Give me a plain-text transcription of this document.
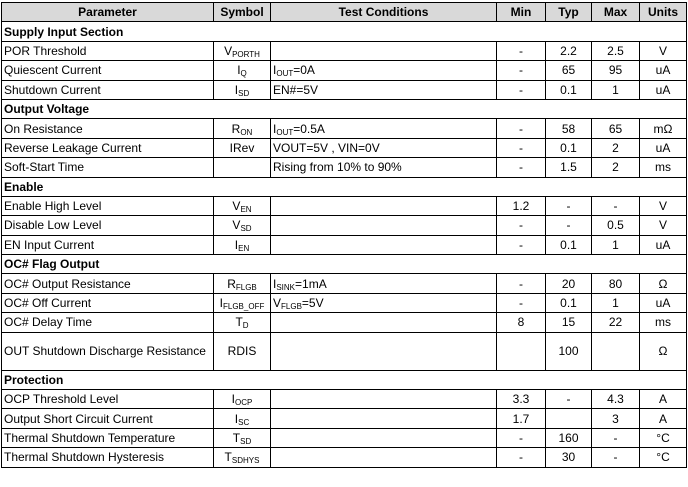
Parameter	Symbol	Test Conditions	Min	Typ	Max	Units
Supply Input Section						
POR Threshold	$V_{PORTH}$		-	2.2	2.5	V
Quiescent Current	$I_Q$	$I_{OUT}=0A$	-	65	95	uA
Shutdown Current	$I_{SD}$	EN#=5V	-	0.1	1	uA
Output Voltage						
On Resistance	$R_{ON}$	$I_{OUT}=0.5A$	-	58	65	mΩ
Reverse Leakage Current	IRev	VOUT=5V , VIN=0V	-	0.1	2	uA
Soft-Start Time		Rising from 10% to 90%	-	1.5	2	ms
Enable						
Enable High Level	$V_{EN}$		1.2	-	-	V
Disable Low Level	$V_{SD}$		-	-	0.5	V
EN Input Current	$I_{EN}$		-	0.1	1	uA
OC# Flag Output						
OC# Output Resistance	$R_{FLGB}$	$I_{SINK}=1mA$	-	20	80	Ω
OC# Off Current	$I_{FLGB\_OFF}$	$V_{FLGB}=5V$	-	0.1	1	uA
OC# Delay Time	$T_D$		8	15	22	ms
OUT Shutdown Discharge Resistance	RDIS			100		Ω
Protection						
OCP Threshold Level	$I_{OCP}$		3.3	-	4.3	A
Output Short Circuit Current	$I_{SC}$		1.7		3	A
Thermal Shutdown Temperature	$T_{SD}$		-	160	-	°C
Thermal Shutdown Hysteresis	$T_{SDHYS}$		-	30	-	°C
